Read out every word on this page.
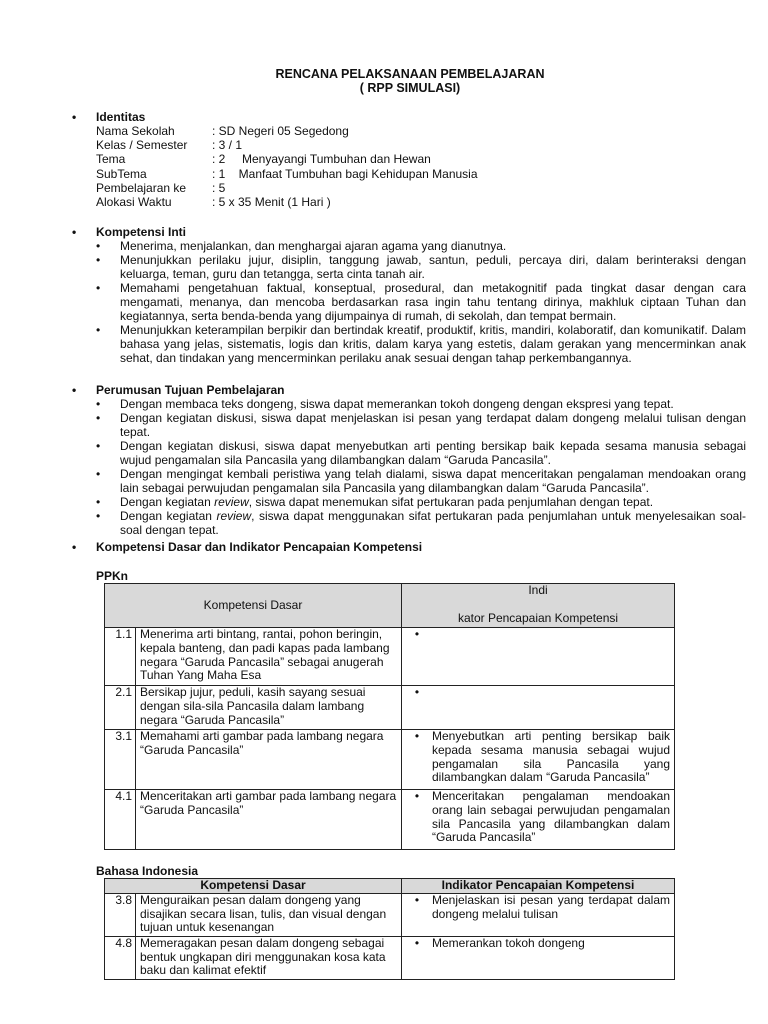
RENCANA PELAKSANAAN PEMBELAJARAN
( RPP SIMULASI)
• Identitas
Nama Sekolah	: SD Negeri 05 Segedong
Kelas / Semester : 3 / 1
Tema	: 2     Menyayangi Tumbuhan dan Hewan
SubTema	: 1    Manfaat Tumbuhan bagi Kehidupan Manusia
Pembelajaran ke : 5
Alokasi Waktu	: 5 x 35 Menit (1 Hari )
• Kompetensi Inti
• Menerima, menjalankan, dan menghargai ajaran agama yang dianutnya.
• Menunjukkan perilaku jujur, disiplin, tanggung jawab, santun, peduli, percaya diri, dalam berinteraksi dengan keluarga, teman, guru dan tetangga, serta cinta tanah air.
• Memahami pengetahuan faktual, konseptual, prosedural, dan metakognitif pada tingkat dasar dengan cara mengamati, menanya, dan mencoba berdasarkan rasa ingin tahu tentang dirinya, makhluk ciptaan Tuhan dan kegiatannya, serta benda-benda yang dijumpainya di rumah, di sekolah, dan tempat bermain.
• Menunjukkan keterampilan berpikir dan bertindak kreatif, produktif, kritis, mandiri, kolaboratif, dan komunikatif. Dalam bahasa yang jelas, sistematis, logis dan kritis, dalam karya yang estetis, dalam gerakan yang mencerminkan anak sehat, dan tindakan yang mencerminkan perilaku anak sesuai dengan tahap perkembangannya.
• Perumusan Tujuan Pembelajaran
• Dengan membaca teks dongeng, siswa dapat memerankan tokoh dongeng dengan ekspresi yang tepat.
• Dengan kegiatan diskusi, siswa dapat menjelaskan isi pesan yang terdapat dalam dongeng melalui tulisan dengan tepat.
• Dengan kegiatan diskusi, siswa dapat menyebutkan arti penting bersikap baik kepada sesama manusia sebagai wujud pengamalan sila Pancasila yang dilambangkan dalam “Garuda Pancasila”.
• Dengan mengingat kembali peristiwa yang telah dialami, siswa dapat menceritakan pengalaman mendoakan orang lain sebagai perwujudan pengamalan sila Pancasila yang dilambangkan dalam “Garuda Pancasila”.
• Dengan kegiatan review, siswa dapat menemukan sifat pertukaran pada penjumlahan dengan tepat.
• Dengan kegiatan review, siswa dapat menggunakan sifat pertukaran pada penjumlahan untuk menyelesaikan soal-soal dengan tepat.
• Kompetensi Dasar dan Indikator Pencapaian Kompetensi
PPKn
Kompetensi Dasar		Indi
kator Pencapaian Kompetensi

1.1	Menerima arti bintang, rantai, pohon beringin, kepala banteng, dan padi kapas pada lambang negara “Garuda Pancasila” sebagai anugerah Tuhan Yang Maha Esa	•

2.1	Bersikap jujur, peduli, kasih sayang sesuai dengan sila-sila Pancasila dalam lambang negara “Garuda Pancasila”	•

3.1	Memahami arti gambar pada lambang negara “Garuda Pancasila”	• Menyebutkan arti penting bersikap baik kepada sesama manusia sebagai wujud pengamalan sila Pancasila yang dilambangkan dalam “Garuda Pancasila”

4.1	Menceritakan arti gambar pada lambang negara “Garuda Pancasila”	• Menceritakan pengalaman mendoakan orang lain sebagai perwujudan pengamalan sila Pancasila yang dilambangkan dalam “Garuda Pancasila”
Bahasa Indonesia
Kompetensi Dasar		Indikator Pencapaian Kompetensi
3.8	Menguraikan pesan dalam dongeng yang disajikan secara lisan, tulis, dan visual dengan tujuan untuk kesenangan	• Menjelaskan isi pesan yang terdapat dalam dongeng melalui tulisan

4.8	Memeragakan pesan dalam dongeng sebagai bentuk ungkapan diri menggunakan kosa kata baku dan kalimat efektif	• Memerankan tokoh dongeng
